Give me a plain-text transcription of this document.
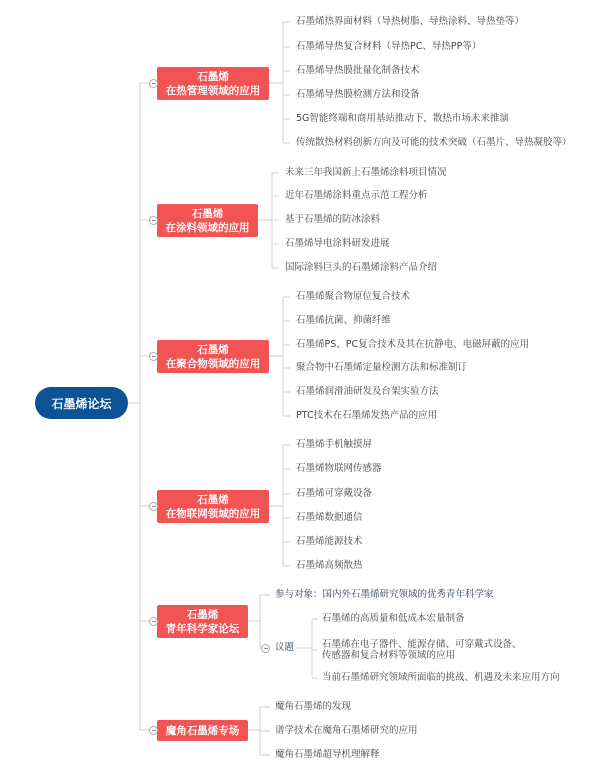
石墨烯论坛
石墨烯
在热管理领域的应用
石墨烯
在涂料领域的应用
石墨烯
在聚合物领域的应用
石墨烯
在物联网领域的应用
石墨烯
青年科学家论坛
魔角石墨烯专场
石墨烯热界面材料（导热树脂、导热涂料、导热垫等）
石墨烯导热复合材料（导热PC、导热PP等）
石墨烯导热膜批量化制备技术
石墨烯导热膜检测方法和设备
5G智能终端和商用基站推动下，散热市场未来推演
传统散热材料创新方向及可能的技术突破（石墨片、导热凝胶等）
未来三年我国新上石墨烯涂料项目情况
近年石墨烯涂料重点示范工程分析
基于石墨烯的防冰涂料
石墨烯导电涂料研发进展
国际涂料巨头的石墨烯涂料产品介绍
石墨烯聚合物原位复合技术
石墨烯抗菌、抑菌纤维
石墨烯PS、PC复合技术及其在抗静电、电磁屏蔽的应用
聚合物中石墨烯定量检测方法和标准制订
石墨烯润滑油研发及台架实验方法
PTC技术在石墨烯发热产品的应用
石墨烯手机触摸屏
石墨烯物联网传感器
石墨烯可穿戴设备
石墨烯数据通信
石墨烯能源技术
石墨烯高频散热
参与对象：国内外石墨烯研究领域的优秀青年科学家
议题
石墨烯的高质量和低成本宏量制备
石墨烯在电子器件、能源存储、可穿戴式设备、
传感器和复合材料等领域的应用
当前石墨烯研究领域所面临的挑战、机遇及未来应用方向
魔角石墨烯的发现
谱学技术在魔角石墨烯研究的应用
魔角石墨烯超导机理解释
